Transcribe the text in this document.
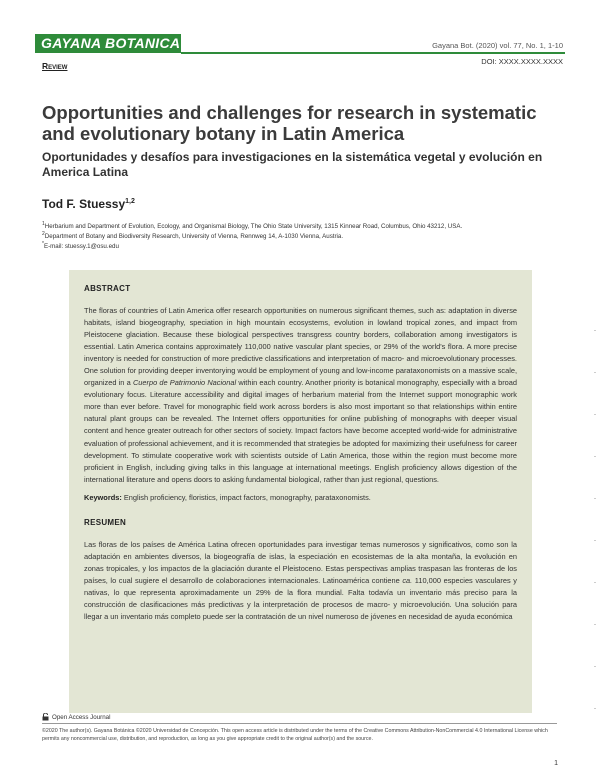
GAYANA BOTANICA	Gayana Bot. (2020) vol. 77, No. 1, 1-10
DOI: XXXX.XXXX.XXXX
Review
Opportunities and challenges for research in systematic and evolutionary botany in Latin America
Oportunidades y desafíos para investigaciones en la sistemática vegetal y evolución en America Latina
Tod F. Stuessy$^{1,2}$
$^1$Herbarium and Department of Evolution, Ecology, and Organismal Biology, The Ohio State University, 1315 Kinnear Road, Columbus, Ohio 43212, USA.
$^2$Department of Botany and Biodiversity Research, University of Vienna, Rennweg 14, A-1030 Vienna, Austria.
*E-mail: stuessy.1@osu.edu

ABSTRACT

The floras of countries of Latin America offer research opportunities on numerous significant themes, such as: adaptation in diverse habitats, island biogeography, speciation in high mountain ecosystems, evolution in lowland tropical zones, and impact from Pleistocene glaciation. Because these biological perspectives transgress country borders, collaboration among investigators is essential. Latin America contains approximately 110,000 native vascular plant species, or 29% of the world's flora. A more precise inventory is needed for construction of more predictive classifications and interpretation of macro- and microevolutionary processes. One solution for providing deeper inventorying would be employment of young and low-income parataxonomists on a massive scale, organized in a Cuerpo de Patrimonio Nacional within each country. Another priority is botanical monography, especially with a broad evolutionary focus. Literature accessibility and digital images of herbarium material from the Internet support monographic work more than ever before. Travel for monographic field work across borders is also most important so that relationships within entire natural plant groups can be revealed. The Internet offers opportunities for online publishing of monographs with deeper visual content and hence greater outreach for other sectors of society. Impact factors have become accepted world-wide for administrative evaluation of professional achievement, and it is recommended that strategies be adopted for maximizing their usefulness for career development. To stimulate cooperative work with scientists outside of Latin America, those within the region must become more proficient in English, including giving talks in this language at international meetings. English proficiency allows digestion of the international literature and opens doors to asking fundamental biological, rather than just regional, questions.

Keywords: English proficiency, floristics, impact factors, monography, parataxonomists.

RESUMEN

Las floras de los países de América Latina ofrecen oportunidades para investigar temas numerosos y significativos, como son la adaptación en ambientes diversos, la biogeografía de islas, la especiación en ecosistemas de la alta montaña, la evolución en zonas tropicales, y los impactos de la glaciación durante el Pleistoceno. Estas perspectivas amplias traspasan las fronteras de los países, lo cual sugiere el desarrollo de colaboraciones internacionales. Latinoamérica contiene ca. 110,000 especies vasculares y nativas, lo que representa aproximadamente un 29% de la flora mundial. Falta todavía un inventario más preciso para la construcción de clasificaciones más predictivas y la interpretación de procesos de macro- y microevolución. Una solución para llegar a un inventario más completo puede ser la contratación de un nivel numeroso de jóvenes en necesidad de ayuda económica

Open Access Journal
©2020 The author(s). Gayana Botánica ©2020 Universidad de Concepción. This open access article is distributed under the terms of the Creative Commons Attribution-NonCommercial 4.0 International License which permits any noncommercial use, distribution, and reproduction, as long as you give appropriate credit to the original author(s) and the source.
1
